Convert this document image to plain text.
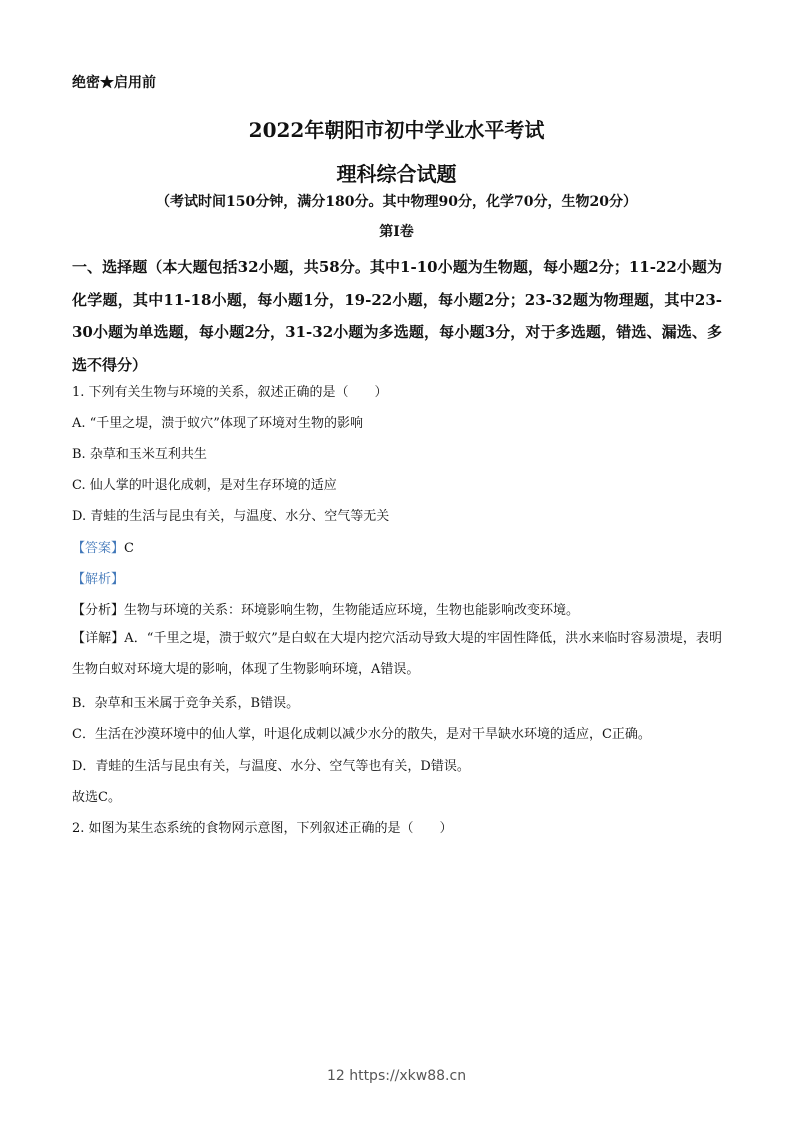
绝密★启用前
2022年朝阳市初中学业水平考试
理科综合试题
（考试时间150分钟，满分180分。其中物理90分，化学70分，生物20分）
第I卷
一、选择题（本大题包括32小题，共58分。其中1-10小题为生物题，每小题2分；11-22小题为化学题，其中11-18小题，每小题1分，19-22小题，每小题2分；23-32题为物理题，其中23-30小题为单选题，每小题2分，31-32小题为多选题，每小题3分，对于多选题，错选、漏选、多选不得分）
1. 下列有关生物与环境的关系，叙述正确的是（　　）
A. “千里之堤，溃于蚁穴”体现了环境对生物的影响
B. 杂草和玉米互利共生
C. 仙人掌的叶退化成刺，是对生存环境的适应
D. 青蛙的生活与昆虫有关，与温度、水分、空气等无关
【答案】C
【解析】
【分析】生物与环境的关系：环境影响生物，生物能适应环境，生物也能影响改变环境。
【详解】A．“千里之堤，溃于蚁穴”是白蚁在大堤内挖穴活动导致大堤的牢固性降低，洪水来临时容易溃堤，表明生物白蚁对环境大堤的影响，体现了生物影响环境，A错误。
B．杂草和玉米属于竞争关系，B错误。
C．生活在沙漠环境中的仙人掌，叶退化成刺以减少水分的散失，是对干旱缺水环境的适应，C正确。
D．青蛙的生活与昆虫有关，与温度、水分、空气等也有关，D错误。
故选C。
2. 如图为某生态系统的食物网示意图，下列叙述正确的是（　　）
12 https://xkw88.cn
